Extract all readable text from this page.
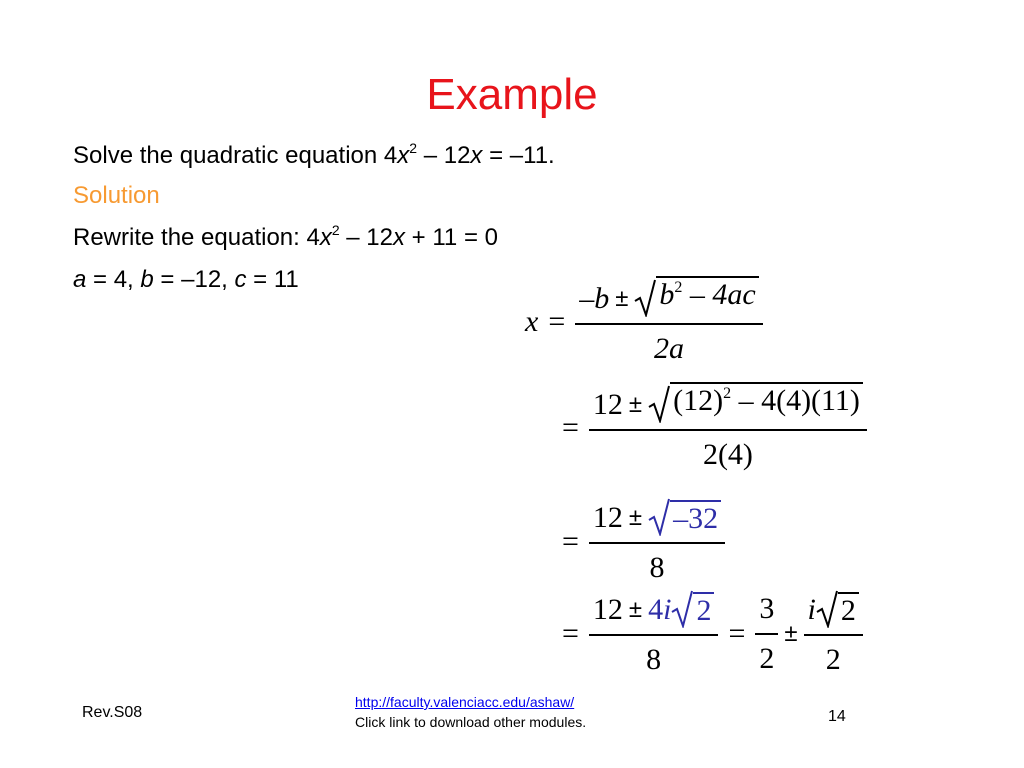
Example
Solve the quadratic equation $4x^2 - 12x = -11$.
Solution
Rewrite the equation: $4x^2 - 12x + 11 = 0$
a = 4, b = –12, c = 11
$x = \frac{-b \pm b^2 - 4ac}{2a}$
= $\frac{12 \pm (12)^2 - 4(4)(11)}{2(4)}$
= $\frac{12 \pm -32}{8}$
= $\frac{12 \pm 4 i 2}{8} = \frac{3}{2} \pm \frac{i 2}{2}$
Rev.S08
http://faculty.valenciacc.edu/ashaw/
Click link to download other modules.	14
